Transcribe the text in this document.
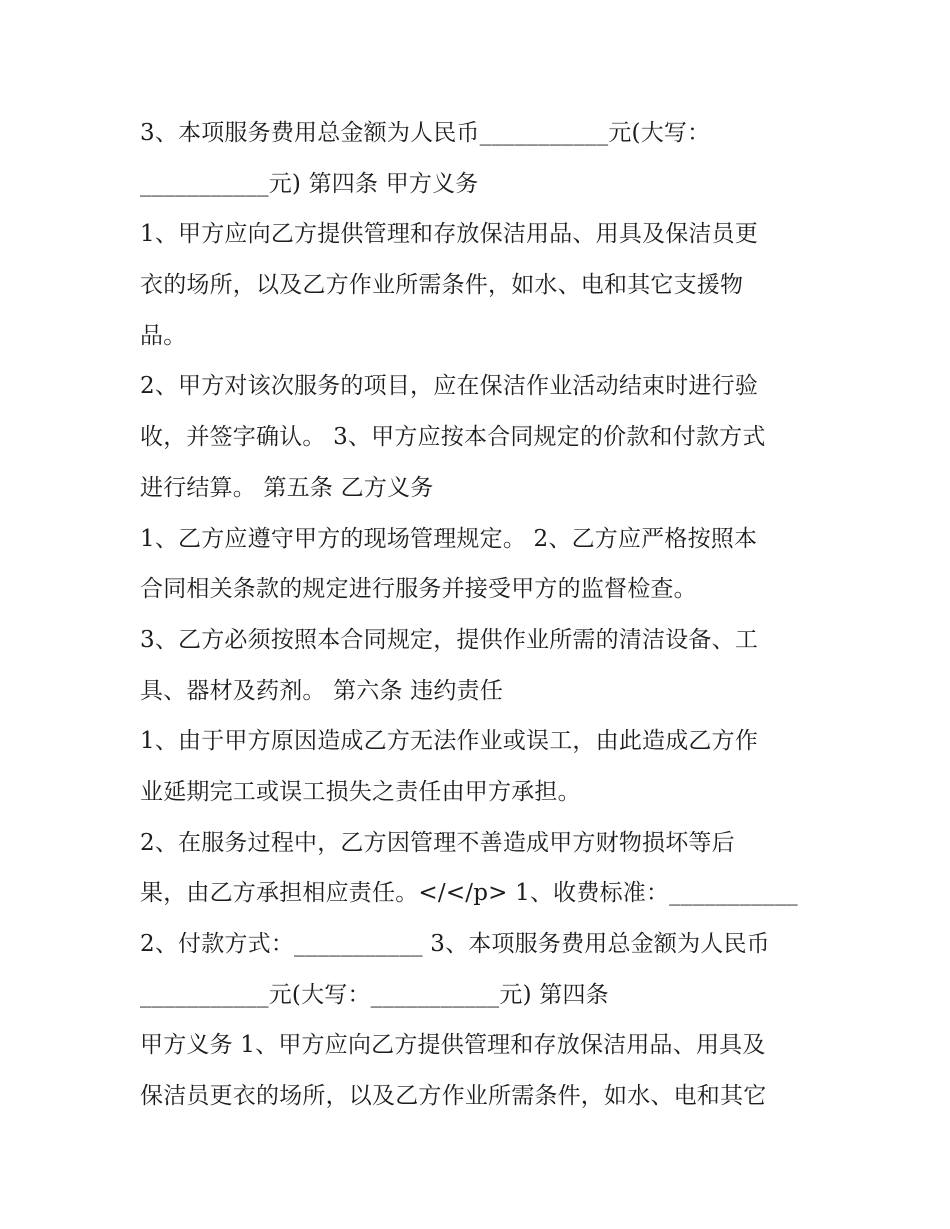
3、本项服务费用总金额为人民币___________元(大写：
___________元) 第四条 甲方义务
1、甲方应向乙方提供管理和存放保洁用品、用具及保洁员更
衣的场所，以及乙方作业所需条件，如水、电和其它支援物
品。
2、甲方对该次服务的项目，应在保洁作业活动结束时进行验
收，并签字确认。 3、甲方应按本合同规定的价款和付款方式
进行结算。 第五条 乙方义务
1、乙方应遵守甲方的现场管理规定。 2、乙方应严格按照本
合同相关条款的规定进行服务并接受甲方的监督检查。
3、乙方必须按照本合同规定，提供作业所需的清洁设备、工
具、器材及药剂。 第六条 违约责任
1、由于甲方原因造成乙方无法作业或误工，由此造成乙方作
业延期完工或误工损失之责任由甲方承担。
2、在服务过程中，乙方因管理不善造成甲方财物损坏等后
果，由乙方承担相应责任。</</p> 1、收费标准：___________
2、付款方式：___________ 3、本项服务费用总金额为人民币
___________元(大写：___________元) 第四条
甲方义务 1、甲方应向乙方提供管理和存放保洁用品、用具及
保洁员更衣的场所，以及乙方作业所需条件，如水、电和其它
